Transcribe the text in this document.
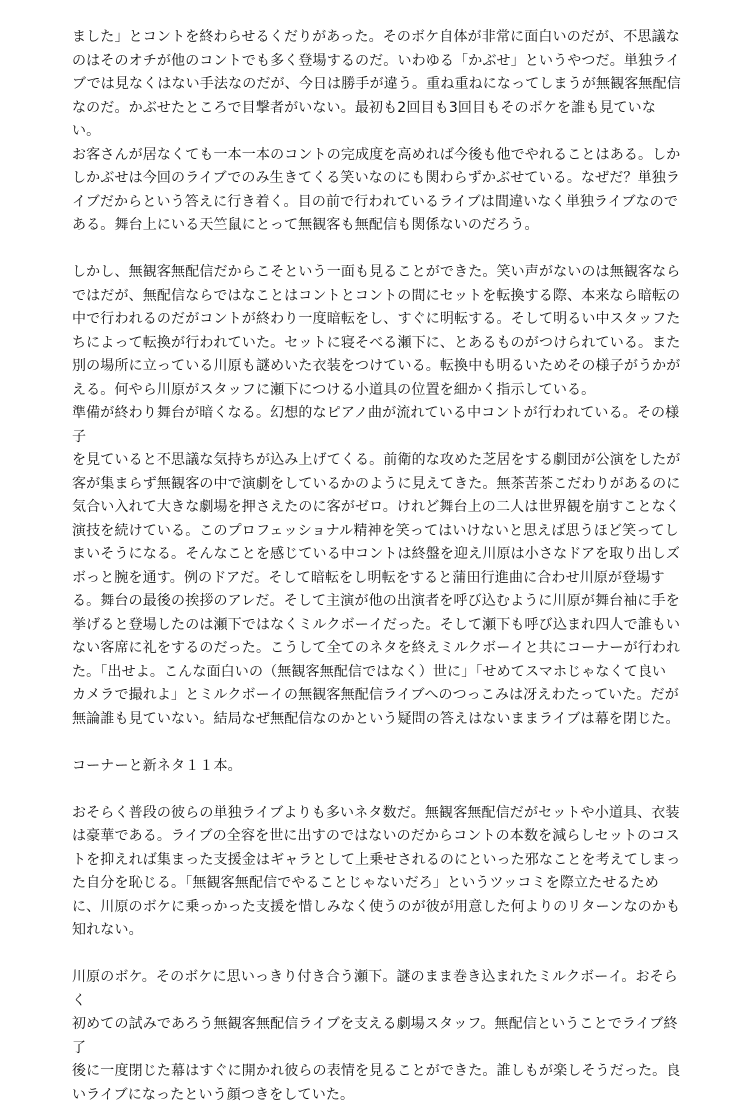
ました」とコントを終わらせるくだりがあった。そのボケ自体が非常に面白いのだが、不思議な
のはそのオチが他のコントでも多く登場するのだ。いわゆる「かぶせ」というやつだ。単独ライ
ブでは見なくはない手法なのだが、今日は勝手が違う。重ね重ねになってしまうが無観客無配信
なのだ。かぶせたところで目撃者がいない。最初も2回目も3回目もそのボケを誰も見ていない。
お客さんが居なくても一本一本のコントの完成度を高めれば今後も他でやれることはある。しか
しかぶせは今回のライブでのみ生きてくる笑いなのにも関わらずかぶせている。なぜだ？単独ラ
イブだからという答えに行き着く。目の前で行われているライブは間違いなく単独ライブなので
ある。舞台上にいる天竺鼠にとって無観客も無配信も関係ないのだろう。

しかし、無観客無配信だからこそという一面も見ることができた。笑い声がないのは無観客なら
ではだが、無配信ならではなことはコントとコントの間にセットを転換する際、本来なら暗転の
中で行われるのだがコントが終わり一度暗転をし、すぐに明転する。そして明るい中スタッフた
ちによって転換が行われていた。セットに寝そべる瀬下に、とあるものがつけられている。また
別の場所に立っている川原も謎めいた衣装をつけている。転換中も明るいためその様子がうかが
える。何やら川原がスタッフに瀬下につける小道具の位置を細かく指示している。
準備が終わり舞台が暗くなる。幻想的なピアノ曲が流れている中コントが行われている。その様子
を見ていると不思議な気持ちが込み上げてくる。前衛的な攻めた芝居をする劇団が公演をしたが
客が集まらず無観客の中で演劇をしているかのように見えてきた。無茶苦茶こだわりがあるのに
気合い入れて大きな劇場を押さえたのに客がゼロ。けれど舞台上の二人は世界観を崩すことなく
演技を続けている。このプロフェッショナル精神を笑ってはいけないと思えば思うほど笑ってし
まいそうになる。そんなことを感じている中コントは終盤を迎え川原は小さなドアを取り出しズ
ボっと腕を通す。例のドアだ。そして暗転をし明転をすると蒲田行進曲に合わせ川原が登場す
る。舞台の最後の挨拶のアレだ。そして主演が他の出演者を呼び込むように川原が舞台袖に手を
挙げると登場したのは瀬下ではなくミルクボーイだった。そして瀬下も呼び込まれ四人で誰もい
ない客席に礼をするのだった。こうして全てのネタを終えミルクボーイと共にコーナーが行われ
た。「出せよ。こんな面白いの（無観客無配信ではなく）世に」「せめてスマホじゃなくて良い
カメラで撮れよ」とミルクボーイの無観客無配信ライブへのつっこみは冴えわたっていた。だが
無論誰も見ていない。結局なぜ無配信なのかという疑問の答えはないままライブは幕を閉じた。

コーナーと新ネタ１１本。

おそらく普段の彼らの単独ライブよりも多いネタ数だ。無観客無配信だがセットや小道具、衣装
は豪華である。ライブの全容を世に出すのではないのだからコントの本数を減らしセットのコス
トを抑えれば集まった支援金はギャラとして上乗せされるのにといった邪なことを考えてしまっ
た自分を恥じる。「無観客無配信でやることじゃないだろ」というツッコミを際立たせるため
に、川原のボケに乗っかった支援を惜しみなく使うのが彼が用意した何よりのリターンなのかも
知れない。

川原のボケ。そのボケに思いっきり付き合う瀬下。謎のまま巻き込まれたミルクボーイ。おそらく
初めての試みであろう無観客無配信ライブを支える劇場スタッフ。無配信ということでライブ終了
後に一度閉じた幕はすぐに開かれ彼らの表情を見ることができた。誰しもが楽しそうだった。良
いライブになったという顔つきをしていた。
